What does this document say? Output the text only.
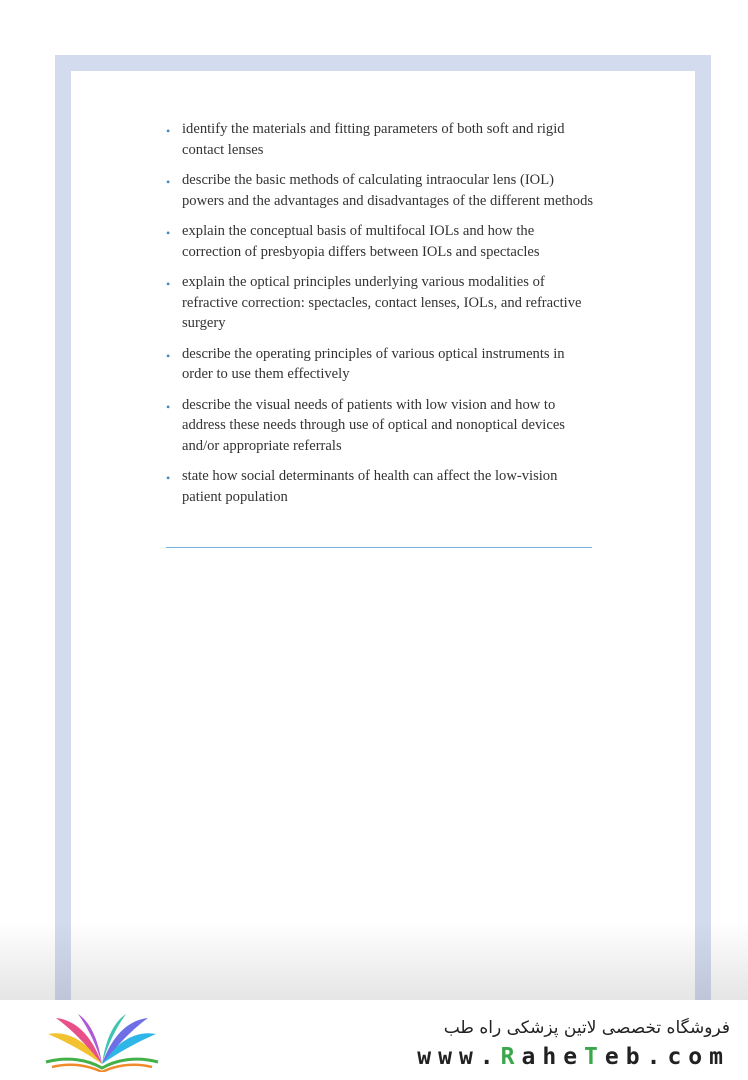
• identify the materials and fitting parameters of both soft and rigid contact lenses
• describe the basic methods of calculating intraocular lens (IOL) powers and the advantages and disadvantages of the different methods
• explain the conceptual basis of multifocal IOLs and how the correction of presbyopia differs between IOLs and spectacles
• explain the optical principles underlying various modalities of refractive correction: spectacles, contact lenses, IOLs, and refractive surgery
• describe the operating principles of various optical instruments in order to use them effectively
• describe the visual needs of patients with low vision and how to address these needs through use of optical and nonoptical devices and/or appropriate referrals
• state how social determinants of health can affect the low-vision patient population
فروشگاه تخصصی لاتین پزشکی راه طب
www.RaheTeb.com
